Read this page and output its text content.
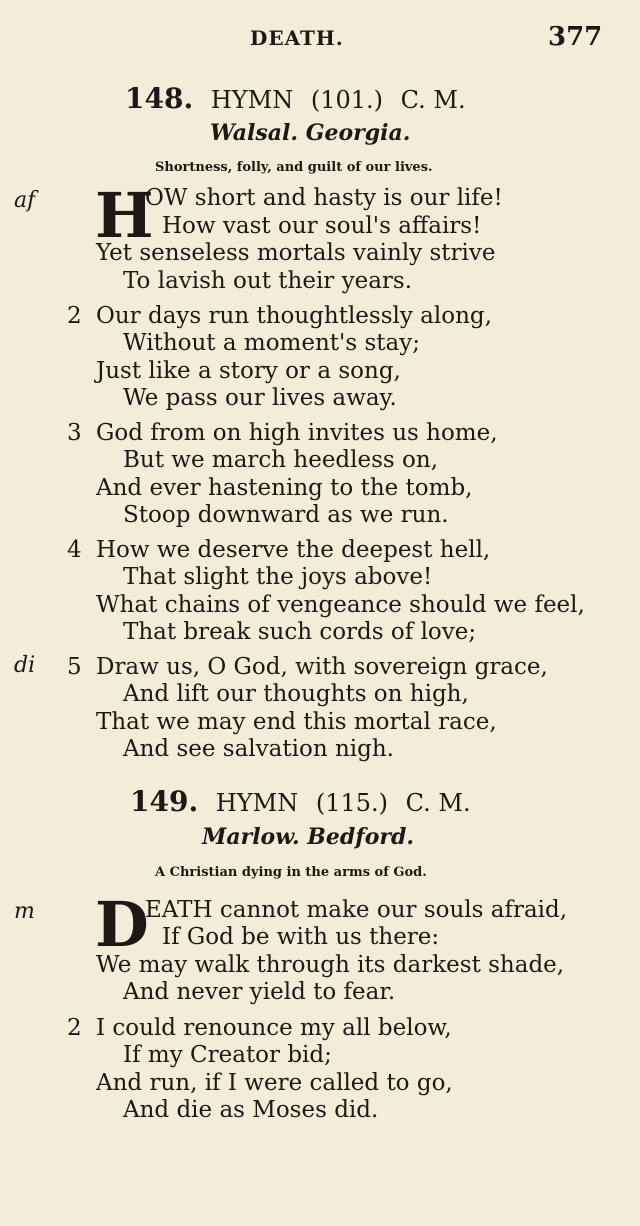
DEATH.	377
148. HYMN (101.) C. M.
Walsal. Georgia.
Shortness, folly, and guilt of our lives.
af H
OW short and hasty is our life!
How vast our soul's affairs!
Yet senseless mortals vainly strive
To lavish out their years.
2 Our days run thoughtlessly along,
Without a moment's stay;
Just like a story or a song,
We pass our lives away.
3 God from on high invites us home,
But we march heedless on,
And ever hastening to the tomb,
Stoop downward as we run.
4 How we deserve the deepest hell,
That slight the joys above!
What chains of vengeance should we feel,
That break such cords of love;
di 5 Draw us, O God, with sovereign grace,
And lift our thoughts on high,
That we may end this mortal race,
And see salvation nigh.
149. HYMN (115.) C. M.
Marlow. Bedford.
A Christian dying in the arms of God.
m D
EATH cannot make our souls afraid,
If God be with us there:
We may walk through its darkest shade,
And never yield to fear.
2 I could renounce my all below,
If my Creator bid;
And run, if I were called to go,
And die as Moses did.
